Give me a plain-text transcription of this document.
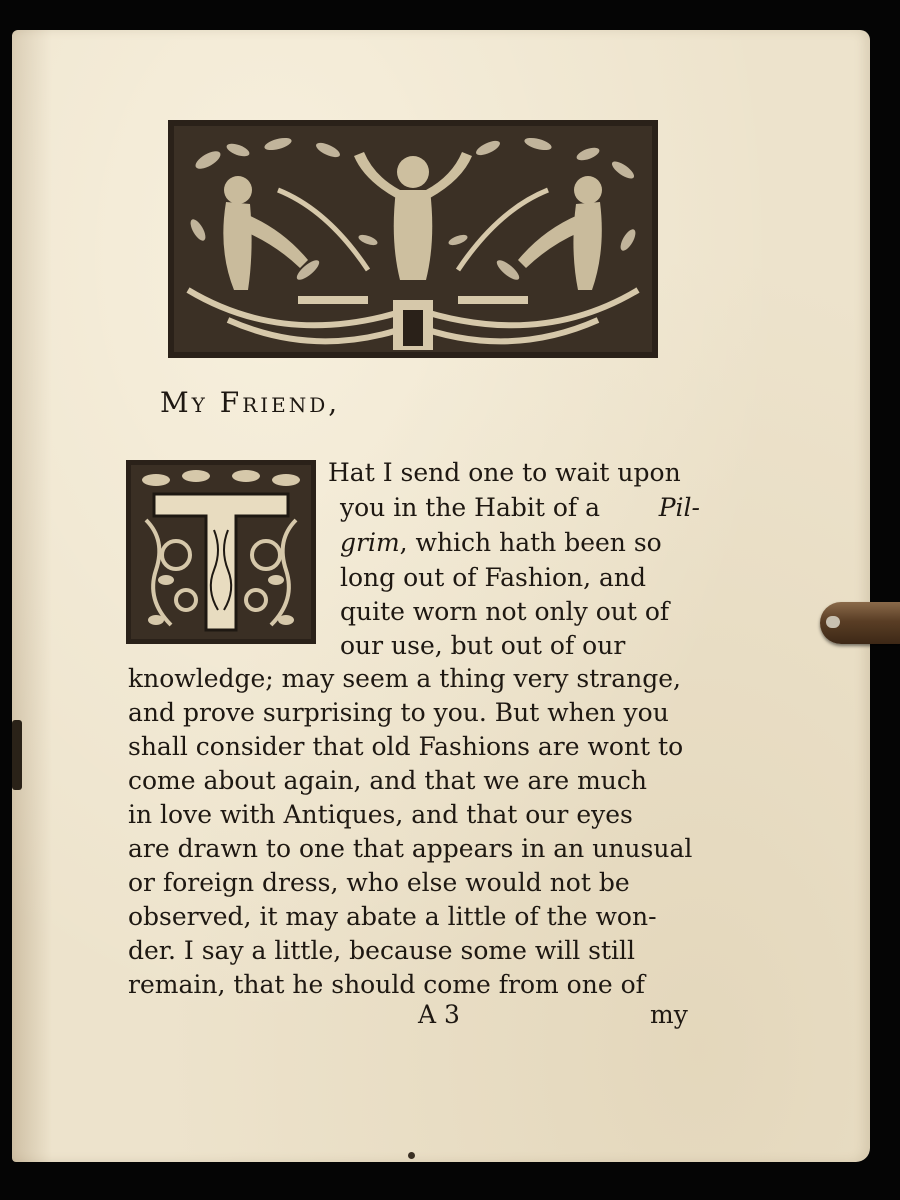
My Friend,
Hat I send one to wait upon
you in the Habit of a Pil-
grim, which hath been so
long out of Fashion, and
quite worn not only out of
our use, but out of our
knowledge; may seem a thing very strange,
and prove surprising to you. But when you
shall consider that old Fashions are wont to
come about again, and that we are much
in love with Antiques, and that our eyes
are drawn to one that appears in an unusual
or foreign dress, who else would not be
observed, it may abate a little of the won-
der. I say a little, because some will still
remain, that he should come from one of
A 3	my
